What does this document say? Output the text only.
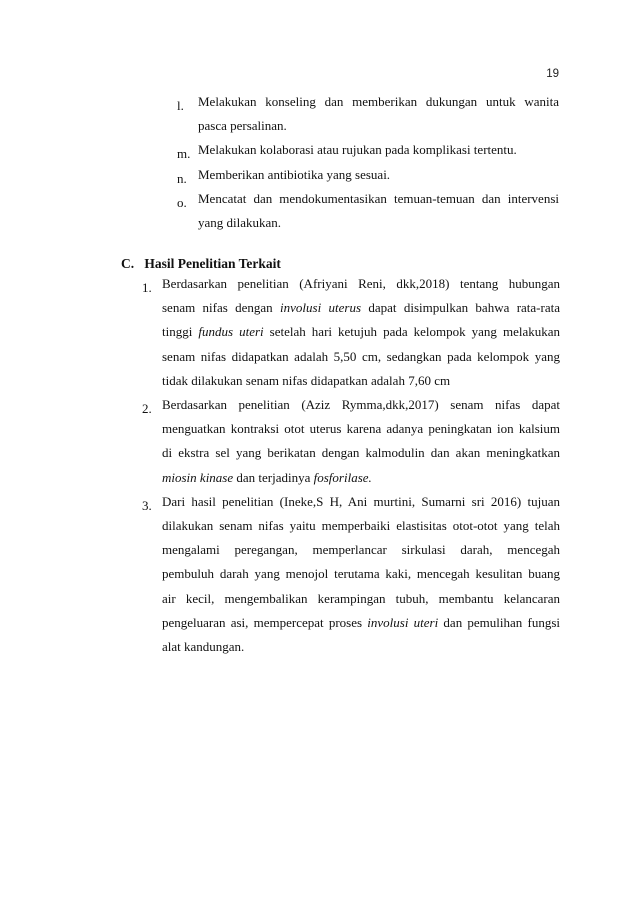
19
l. Melakukan konseling dan memberikan dukungan untuk wanita
pasca persalinan.
m. Melakukan kolaborasi atau rujukan pada komplikasi tertentu.
n. Memberikan antibiotika yang sesuai.
o. Mencatat dan mendokumentasikan temuan-temuan dan intervensi
yang dilakukan.
C. Hasil Penelitian Terkait
1. Berdasarkan penelitian (Afriyani Reni, dkk,2018) tentang hubungan
senam nifas dengan involusi uterus dapat disimpulkan bahwa rata-rata
tinggi fundus uteri setelah hari ketujuh pada kelompok yang melakukan
senam nifas didapatkan adalah 5,50 cm, sedangkan pada kelompok yang
tidak dilakukan senam nifas didapatkan adalah 7,60 cm
2. Berdasarkan penelitian (Aziz Rymma,dkk,2017) senam nifas dapat
menguatkan kontraksi otot uterus karena adanya peningkatan ion kalsium
di ekstra sel yang berikatan dengan kalmodulin dan akan meningkatkan
miosin kinase dan terjadinya fosforilase.
3. Dari hasil penelitian (Ineke,S H, Ani murtini, Sumarni sri 2016) tujuan
dilakukan senam nifas yaitu memperbaiki elastisitas otot-otot yang telah
mengalami peregangan, memperlancar sirkulasi darah, mencegah
pembuluh darah yang menojol terutama kaki, mencegah kesulitan buang
air kecil, mengembalikan kerampingan tubuh, membantu kelancaran
pengeluaran asi, mempercepat proses involusi uteri dan pemulihan fungsi
alat kandungan.
